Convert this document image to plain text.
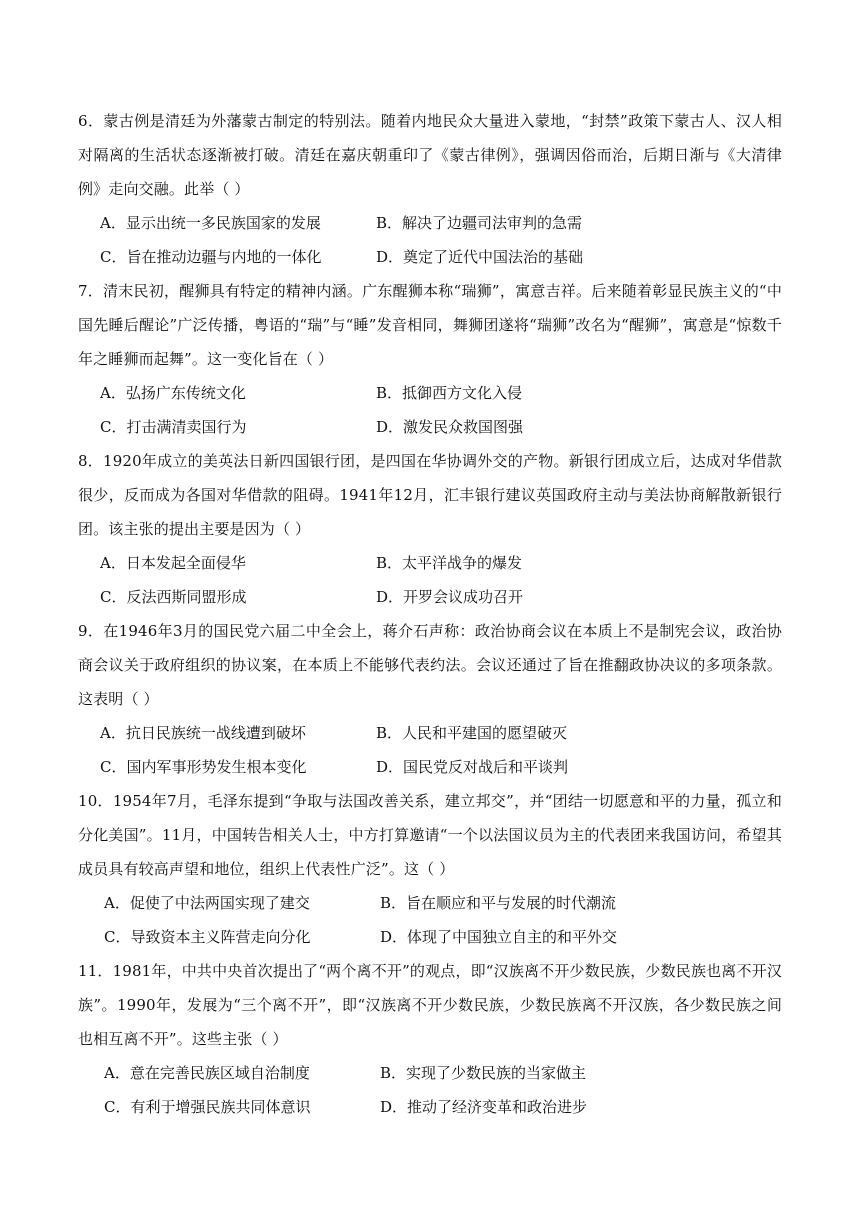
6．蒙古例是清廷为外藩蒙古制定的特别法。随着内地民众大量进入蒙地，“封禁”政策下蒙古人、汉人相对隔离的生活状态逐渐被打破。清廷在嘉庆朝重印了《蒙古律例》，强调因俗而治，后期日渐与《大清律例》走向交融。此举（ ）

A．显示出统一多民族国家的发展	B．解决了边疆司法审判的急需
C．旨在推动边疆与内地的一体化	D．奠定了近代中国法治的基础

7．清末民初，醒狮具有特定的精神内涵。广东醒狮本称“瑞狮”，寓意吉祥。后来随着彰显民族主义的“中国先睡后醒论”广泛传播，粤语的“瑞”与“睡”发音相同，舞狮团遂将“瑞狮”改名为“醒狮”，寓意是“惊数千年之睡狮而起舞”。这一变化旨在（ ）

A．弘扬广东传统文化	B．抵御西方文化入侵
C．打击满清卖国行为	D．激发民众救国图强

8．1920年成立的美英法日新四国银行团，是四国在华协调外交的产物。新银行团成立后，达成对华借款很少，反而成为各国对华借款的阻碍。1941年12月，汇丰银行建议英国政府主动与美法协商解散新银行团。该主张的提出主要是因为（ ）

A．日本发起全面侵华	B．太平洋战争的爆发
C．反法西斯同盟形成	D．开罗会议成功召开

9．在1946年3月的国民党六届二中全会上，蒋介石声称：政治协商会议在本质上不是制宪会议，政治协商会议关于政府组织的协议案，在本质上不能够代表约法。会议还通过了旨在推翻政协决议的多项条款。这表明（ ）

A．抗日民族统一战线遭到破坏	B．人民和平建国的愿望破灭
C．国内军事形势发生根本变化	D．国民党反对战后和平谈判

10．1954年7月，毛泽东提到“争取与法国改善关系，建立邦交”，并“团结一切愿意和平的力量，孤立和分化美国”。11月，中国转告相关人士，中方打算邀请“一个以法国议员为主的代表团来我国访问，希望其成员具有较高声望和地位，组织上代表性广泛”。这（ ）

A．促使了中法两国实现了建交	B．旨在顺应和平与发展的时代潮流
C．导致资本主义阵营走向分化	D．体现了中国独立自主的和平外交

11．1981年，中共中央首次提出了“两个离不开”的观点，即“汉族离不开少数民族，少数民族也离不开汉族”。1990年，发展为“三个离不开”，即“汉族离不开少数民族，少数民族离不开汉族，各少数民族之间也相互离不开”。这些主张（ ）

A．意在完善民族区域自治制度	B．实现了少数民族的当家做主
C．有利于增强民族共同体意识	D．推动了经济变革和政治进步
